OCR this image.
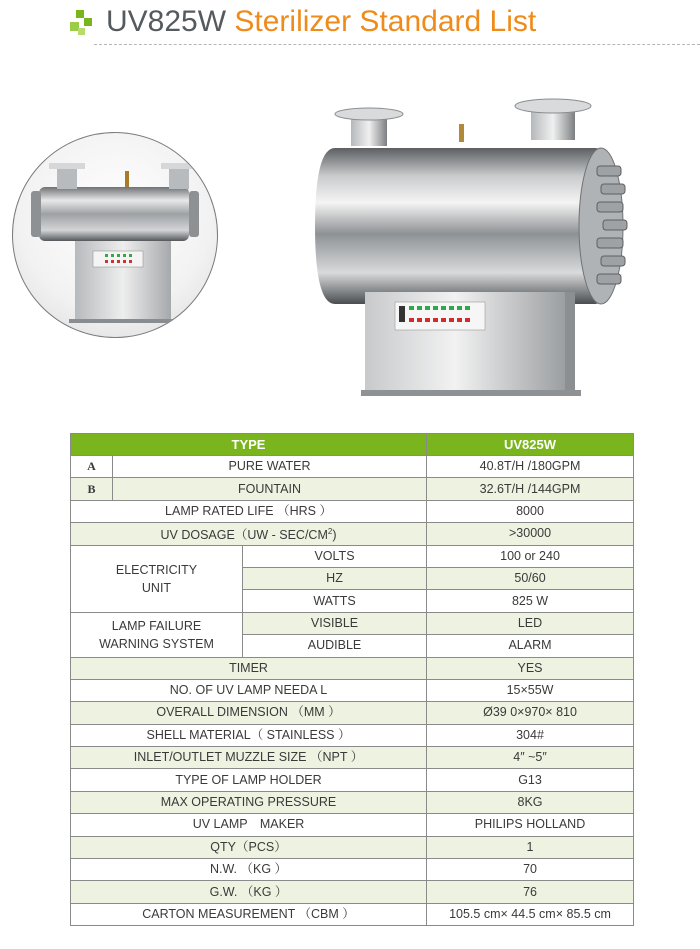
UV825W Sterilizer Standard List
TYPE			UV825W
A	PURE WATER		40.8T/H /180GPM
B	FOUNTAIN		32.6T/H /144GPM
LAMP RATED LIFE （HRS ）			8000
UV DOSAGE（UW - SEC/$CM^2$)			>30000
ELECTRICITY
UNIT		VOLTS	100 or 240
		HZ	50/60
		WATTS	825 W
LAMP FAILURE
WARNING SYSTEM		VISIBLE	LED
		AUDIBLE	ALARM
TIMER			YES
NO. OF UV LAMP NEEDA L			15×55W
OVERALL DIMENSION （MM ）			Ø39 0×970× 810
SHELL MATERIAL（ STAINLESS ）			304#
INLET/OUTLET MUZZLE SIZE （NPT ）			4″ ~5″
TYPE OF LAMP HOLDER			G13
MAX OPERATING PRESSURE			8KG
UV LAMP　MAKER			PHILIPS HOLLAND
QTY（PCS）			1
N.W. （KG ）			70
G.W. （KG ）			76
CARTON MEASUREMENT （CBM ）			105.5 cm× 44.5 cm× 85.5 cm
